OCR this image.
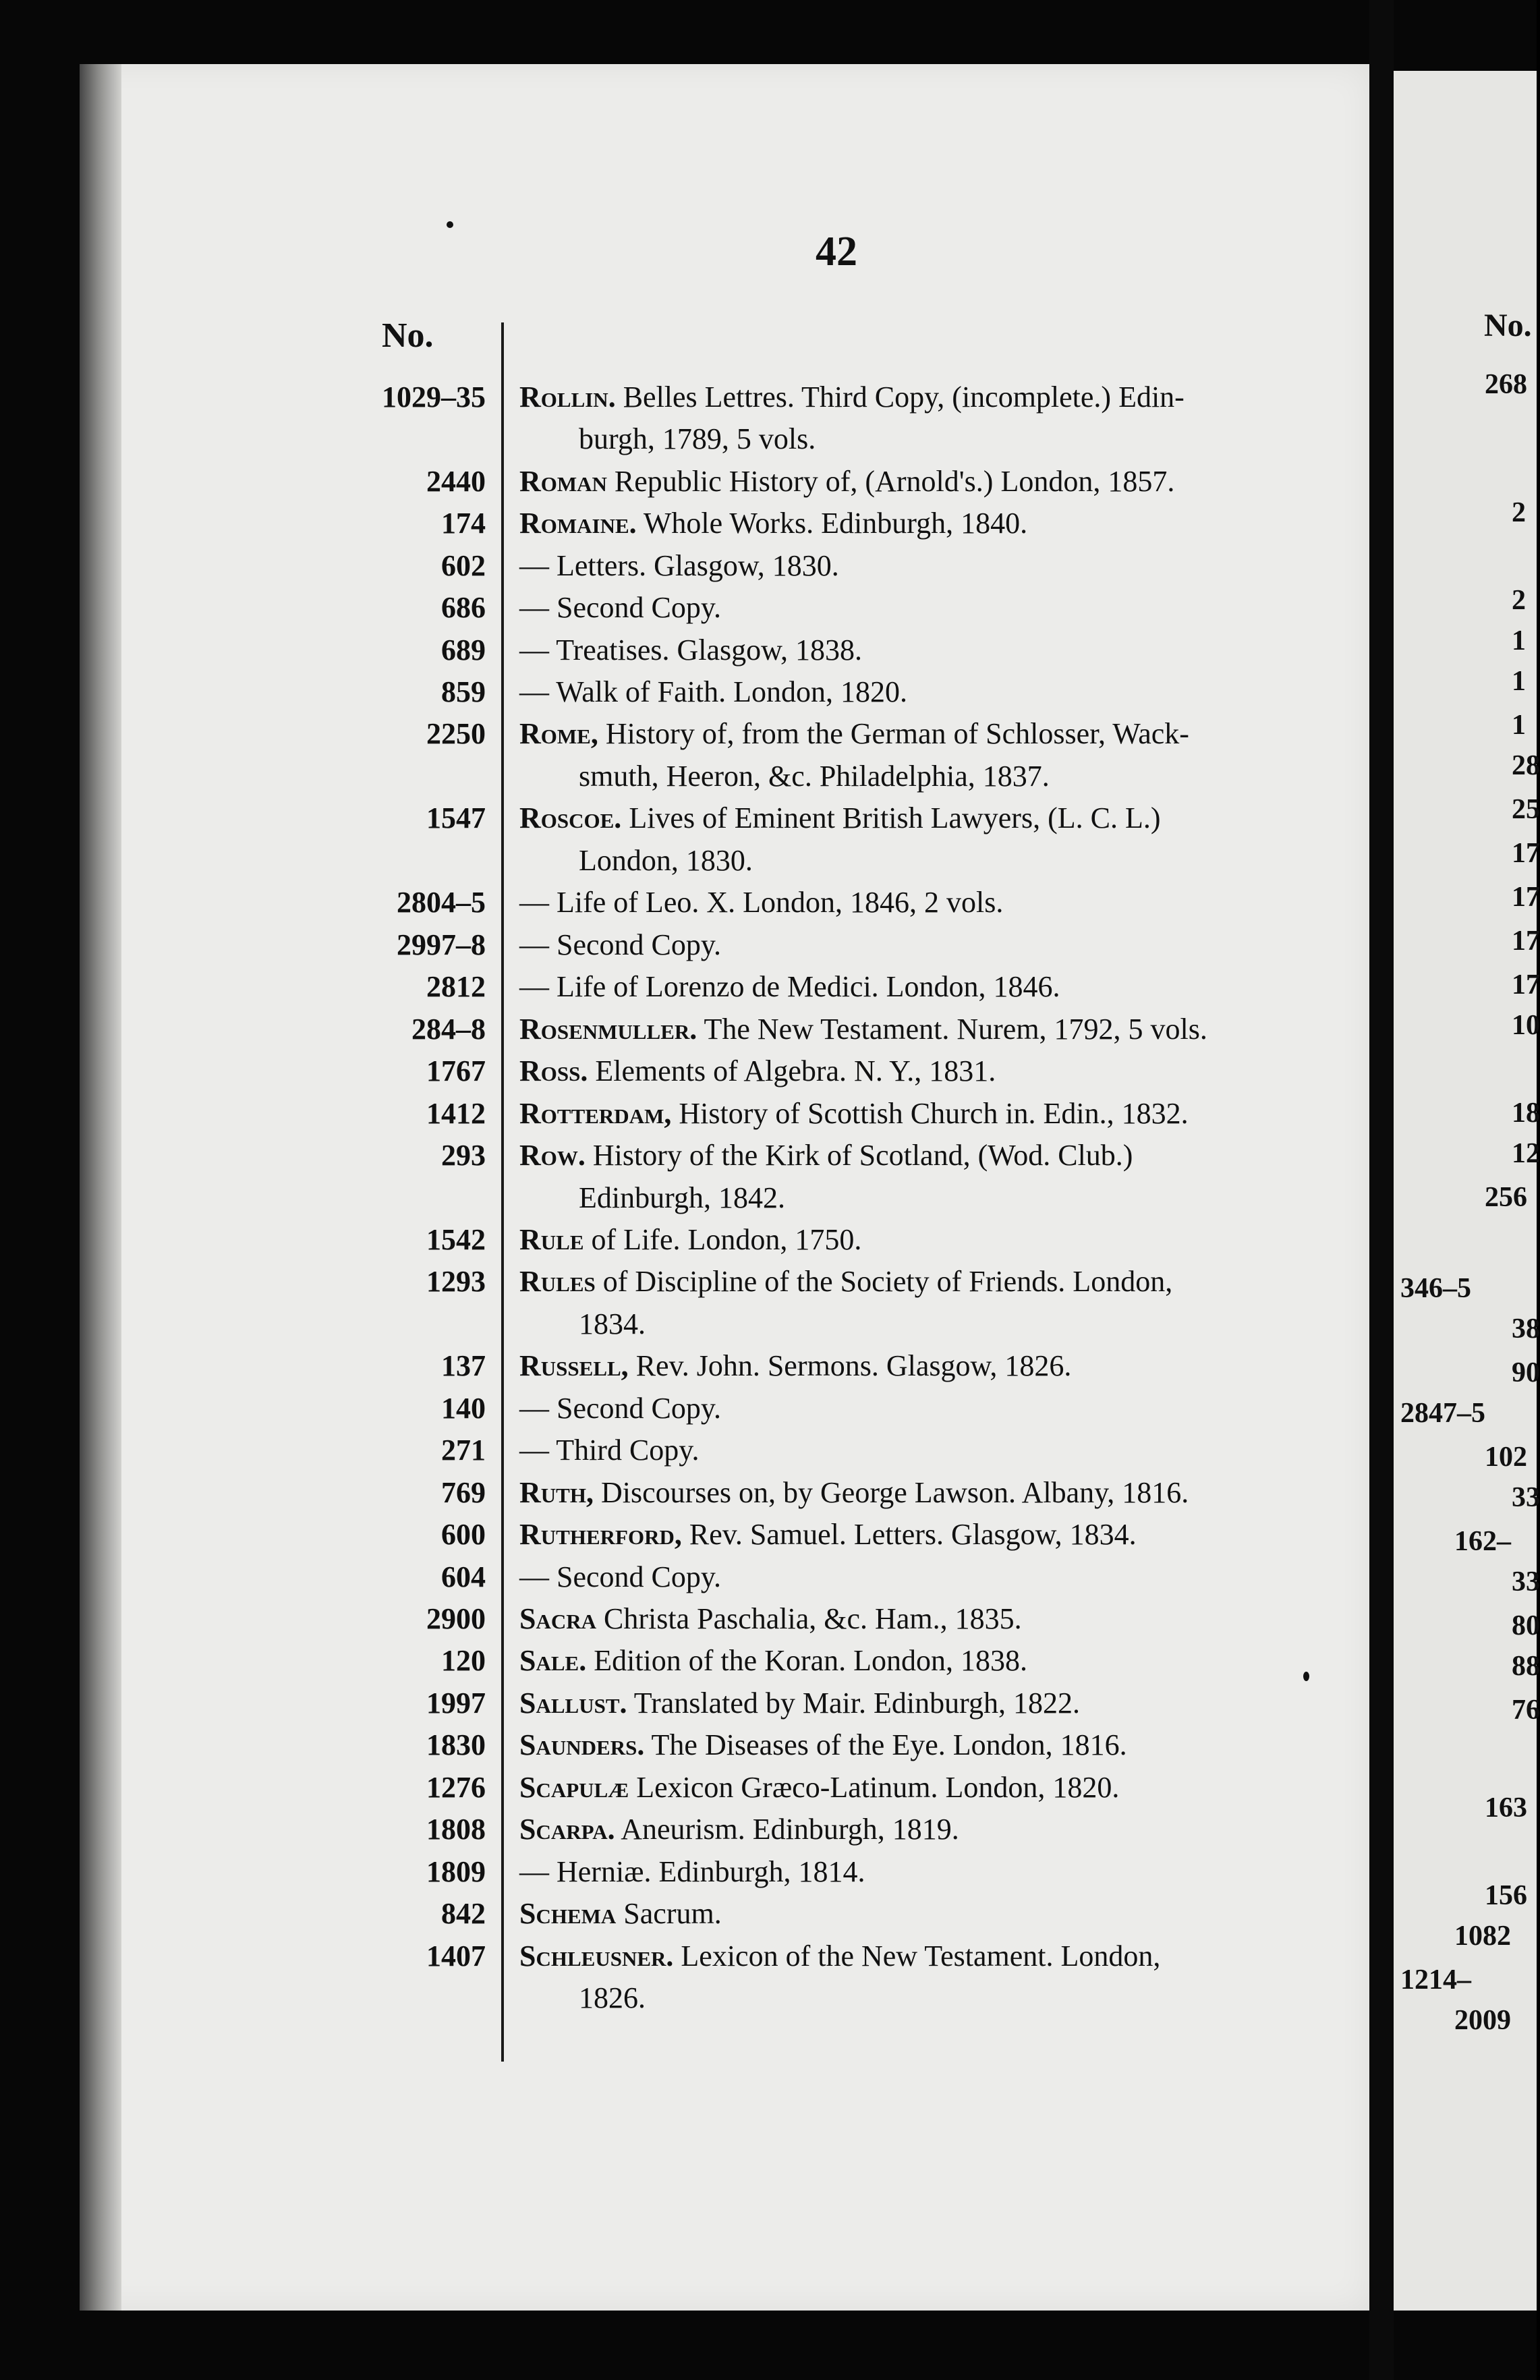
42
No.
1029–35 Rollin. Belles Lettres. Third Copy, (incomplete.) Edin-
burgh, 1789, 5 vols.
2440 Roman Republic History of, (Arnold's.) London, 1857.
174 Romaine. Whole Works. Edinburgh, 1840.
602 — Letters. Glasgow, 1830.
686 — Second Copy.
689 — Treatises. Glasgow, 1838.
859 — Walk of Faith. London, 1820.
2250 Rome, History of, from the German of Schlosser, Wack-
smuth, Heeron, &c. Philadelphia, 1837.
1547 Roscoe. Lives of Eminent British Lawyers, (L. C. L.)
London, 1830.
2804–5 — Life of Leo. X. London, 1846, 2 vols.
2997–8 — Second Copy.
2812 — Life of Lorenzo de Medici. London, 1846.
284–8 Rosenmuller. The New Testament. Nurem, 1792, 5 vols.
1767 Ross. Elements of Algebra. N. Y., 1831.
1412 Rotterdam, History of Scottish Church in. Edin., 1832.
293 Row. History of the Kirk of Scotland, (Wod. Club.)
Edinburgh, 1842.
1542 Rule of Life. London, 1750.
1293 Rules of Discipline of the Society of Friends. London,
1834.
137 Russell, Rev. John. Sermons. Glasgow, 1826.
140 — Second Copy.
271 — Third Copy.
769 Ruth, Discourses on, by George Lawson. Albany, 1816.
600 Rutherford, Rev. Samuel. Letters. Glasgow, 1834.
604 — Second Copy.
2900 Sacra Christa Paschalia, &c. Ham., 1835.
120 Sale. Edition of the Koran. London, 1838.
1997 Sallust. Translated by Mair. Edinburgh, 1822.
1830 Saunders. The Diseases of the Eye. London, 1816.
1276 Scapulæ Lexicon Græco-Latinum. London, 1820.
1808 Scarpa. Aneurism. Edinburgh, 1819.
1809 — Herniæ. Edinburgh, 1814.
842 Schema Sacrum.
1407 Schleusner. Lexicon of the New Testament. London,
1826.
No.
268
2
2
1
1
1
28
25
17
17
17
17
10
18
12
256
346–5
38
90
2847–5
102
33
162–
33
80
88
76
163
156
1082
1214–
2009
